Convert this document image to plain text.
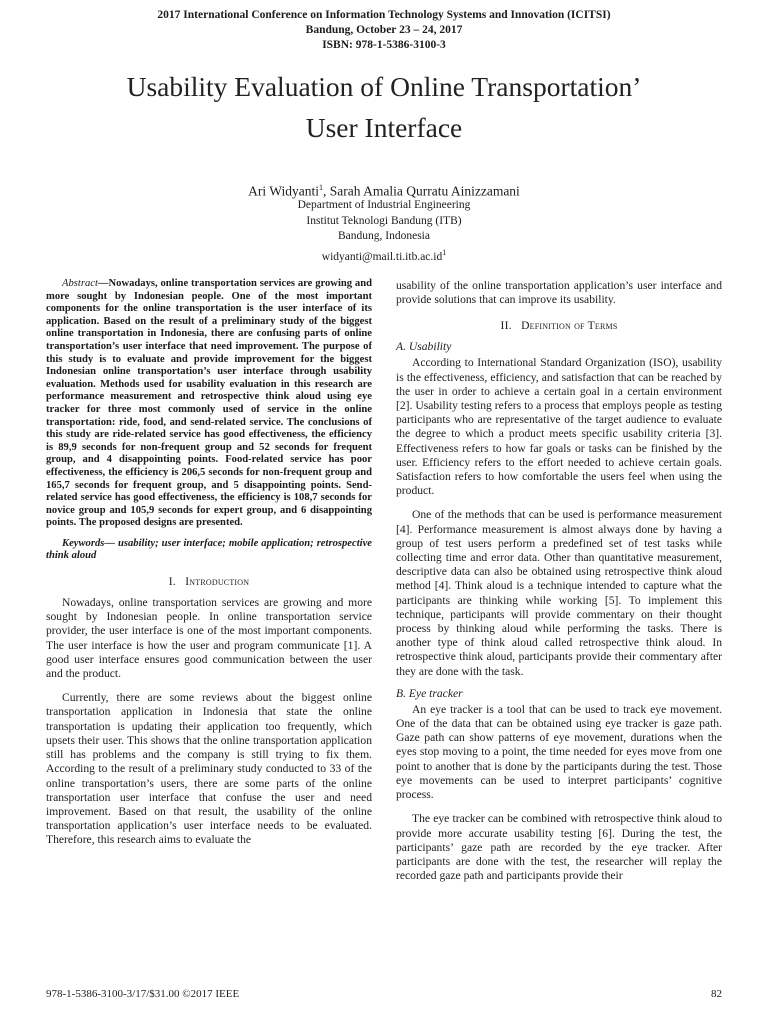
2017 International Conference on Information Technology Systems and Innovation (ICITSI)
Bandung, October 23 – 24, 2017
ISBN: 978-1-5386-3100-3
Usability Evaluation of Online Transportation’
User Interface
Ari Widyanti$^1$, Sarah Amalia Qurratu Ainizzamani
Department of Industrial Engineering
Institut Teknologi Bandung (ITB)
Bandung, Indonesia
$widyanti@mail.ti.itb.ac.id^1$

Abstract—Nowadays, online transportation services are growing and more sought by Indonesian people. One of the most important components for the online transportation is the user interface of its application. Based on the result of a preliminary study of the biggest online transportation in Indonesia, there are confusing parts of online transportation’s user interface that need improvement. The purpose of this study is to evaluate and provide improvement for the biggest Indonesian online transportation’s user interface through usability evaluation. Methods used for usability evaluation in this research are performance measurement and retrospective think aloud using eye tracker for three most commonly used of service in the online transportation: ride, food, and send-related service. The conclusions of this study are ride-related service has good effectiveness, the efficiency is 89,9 seconds for non-frequent group and 52 seconds for frequent group, and 4 disappointing points. Food-related service has poor effectiveness, the efficiency is 206,5 seconds for non-frequent group and 165,7 seconds for frequent group, and 5 disappointing points. Send-related service has good effectiveness, the efficiency is 108,7 seconds for novice group and 105,9 seconds for expert group, and 6 disappointing points. The proposed designs are presented.

Keywords— usability; user interface; mobile application; retrospective think aloud

I. Introduction

Nowadays, online transportation services are growing and more sought by Indonesian people. In online transportation service provider, the user interface is one of the most important components. The user interface is how the user and program communicate [1]. A good user interface ensures good communication between the user and the product.

Currently, there are some reviews about the biggest online transportation application in Indonesia that state the online transportation is updating their application too frequently, which upsets their user. This shows that the online transportation application still has problems and the company is still trying to fix them. According to the result of a preliminary study conducted to 33 of the online transportation’s users, there are some parts of the online transportation user interface that confuse the user and need improvement. Based on that result, the usability of the online transportation application’s user interface needs to be evaluated. Therefore, this research aims to evaluate the

usability of the online transportation application’s user interface and provide solutions that can improve its usability.

II. Definition of Terms
A. Usability

According to International Standard Organization (ISO), usability is the effectiveness, efficiency, and satisfaction that can be reached by the user in order to achieve a certain goal in a certain environment [2]. Usability testing refers to a process that employs people as testing participants who are representative of the target audience to evaluate the degree to which a product meets specific usability criteria [3]. Effectiveness refers to how far goals or tasks can be finished by the user. Efficiency refers to the effort needed to achieve certain goals. Satisfaction refers to how comfortable the users feel when using the product.

One of the methods that can be used is performance measurement [4]. Performance measurement is almost always done by having a group of test users perform a predefined set of test tasks while collecting time and error data. Other than quantitative measurement, descriptive data can also be obtained using retrospective think aloud method [4]. Think aloud is a technique intended to capture what the participants are thinking while working [5]. To implement this technique, participants will provide commentary on their thought process by thinking aloud while performing the tasks. There is another type of think aloud called retrospective think aloud. In retrospective think aloud, participants provide their commentary after they are done with the task.

B. Eye tracker

An eye tracker is a tool that can be used to track eye movement. One of the data that can be obtained using eye tracker is gaze path. Gaze path can show patterns of eye movement, durations when the eyes stop moving to a point, the time needed for eyes move from one point to another that is done by the participants during the test. Those eye movements can be used to interpret participants’ cognitive process.

The eye tracker can be combined with retrospective think aloud to provide more accurate usability testing [6]. During the test, the participants’ gaze path are recorded by the eye tracker. After participants are done with the test, the researcher will replay the recorded gaze path and participants provide their

978-1-5386-3100-3/17/$31.00 ©2017 IEEE	82
